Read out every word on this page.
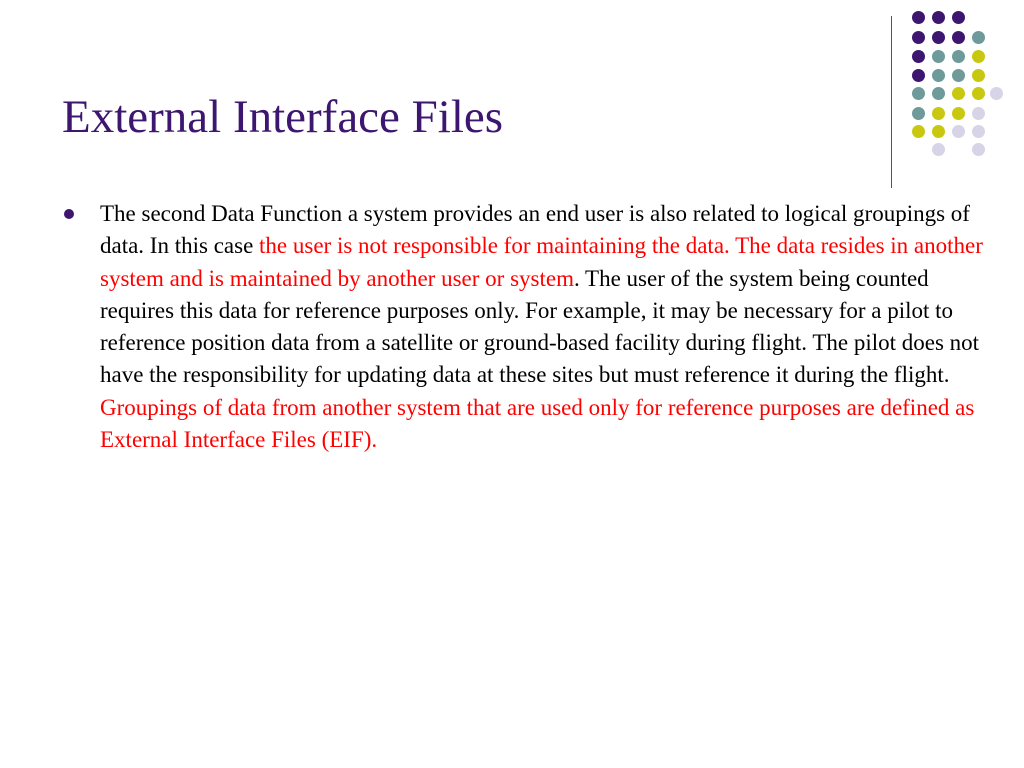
External Interface Files
The second Data Function a system provides an end user is also related to logical groupings of data. In this case the user is not responsible for maintaining the data. The data resides in another system and is maintained by another user or system. The user of the system being counted requires this data for reference purposes only. For example, it may be necessary for a pilot to reference position data from a satellite or ground-based facility during flight. The pilot does not have the responsibility for updating data at these sites but must reference it during the flight. Groupings of data from another system that are used only for reference purposes are defined as External Interface Files (EIF).
